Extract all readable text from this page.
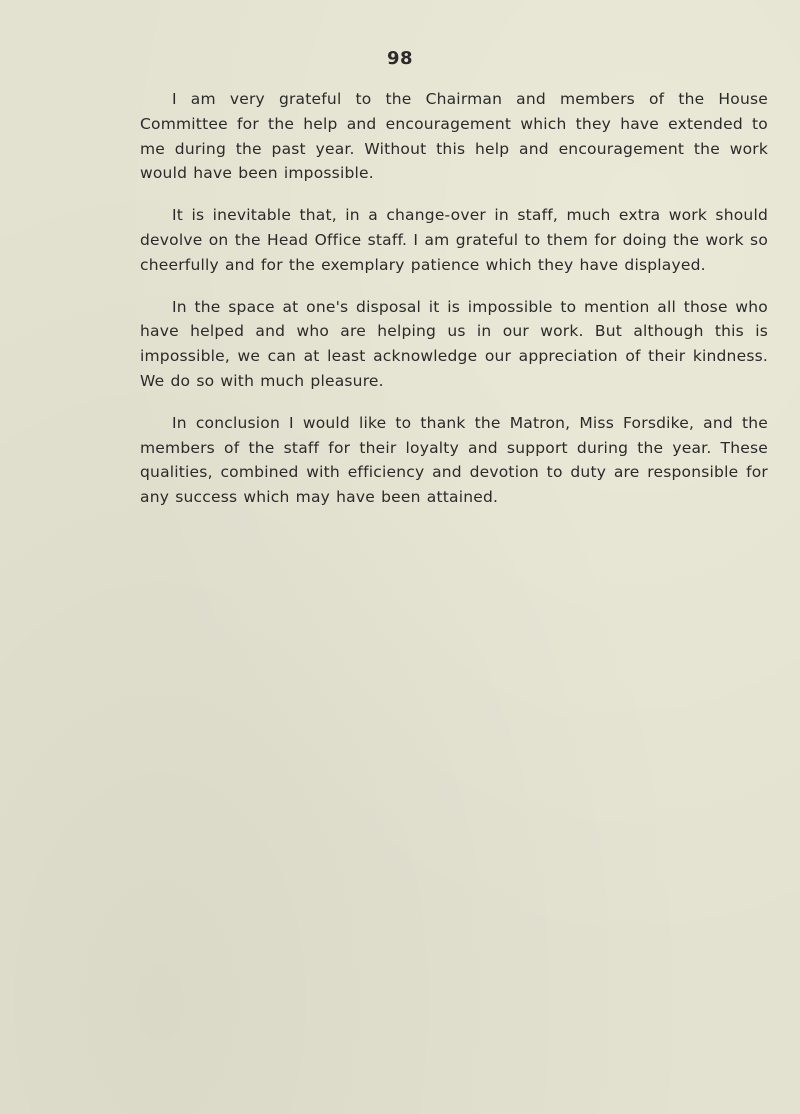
98

I am very grateful to the Chairman and members of the House Committee for the help and encouragement which they have extended to me during the past year. Without this help and encouragement the work would have been impossible.

It is inevitable that, in a change-over in staff, much extra work should devolve on the Head Office staff. I am grateful to them for doing the work so cheerfully and for the exemplary patience which they have displayed.

In the space at one's disposal it is impossible to mention all those who have helped and who are helping us in our work. But although this is impossible, we can at least acknowledge our appreciation of their kindness. We do so with much pleasure.

In conclusion I would like to thank the Matron, Miss Forsdike, and the members of the staff for their loyalty and support during the year. These qualities, combined with efficiency and devotion to duty are responsible for any success which may have been attained.
